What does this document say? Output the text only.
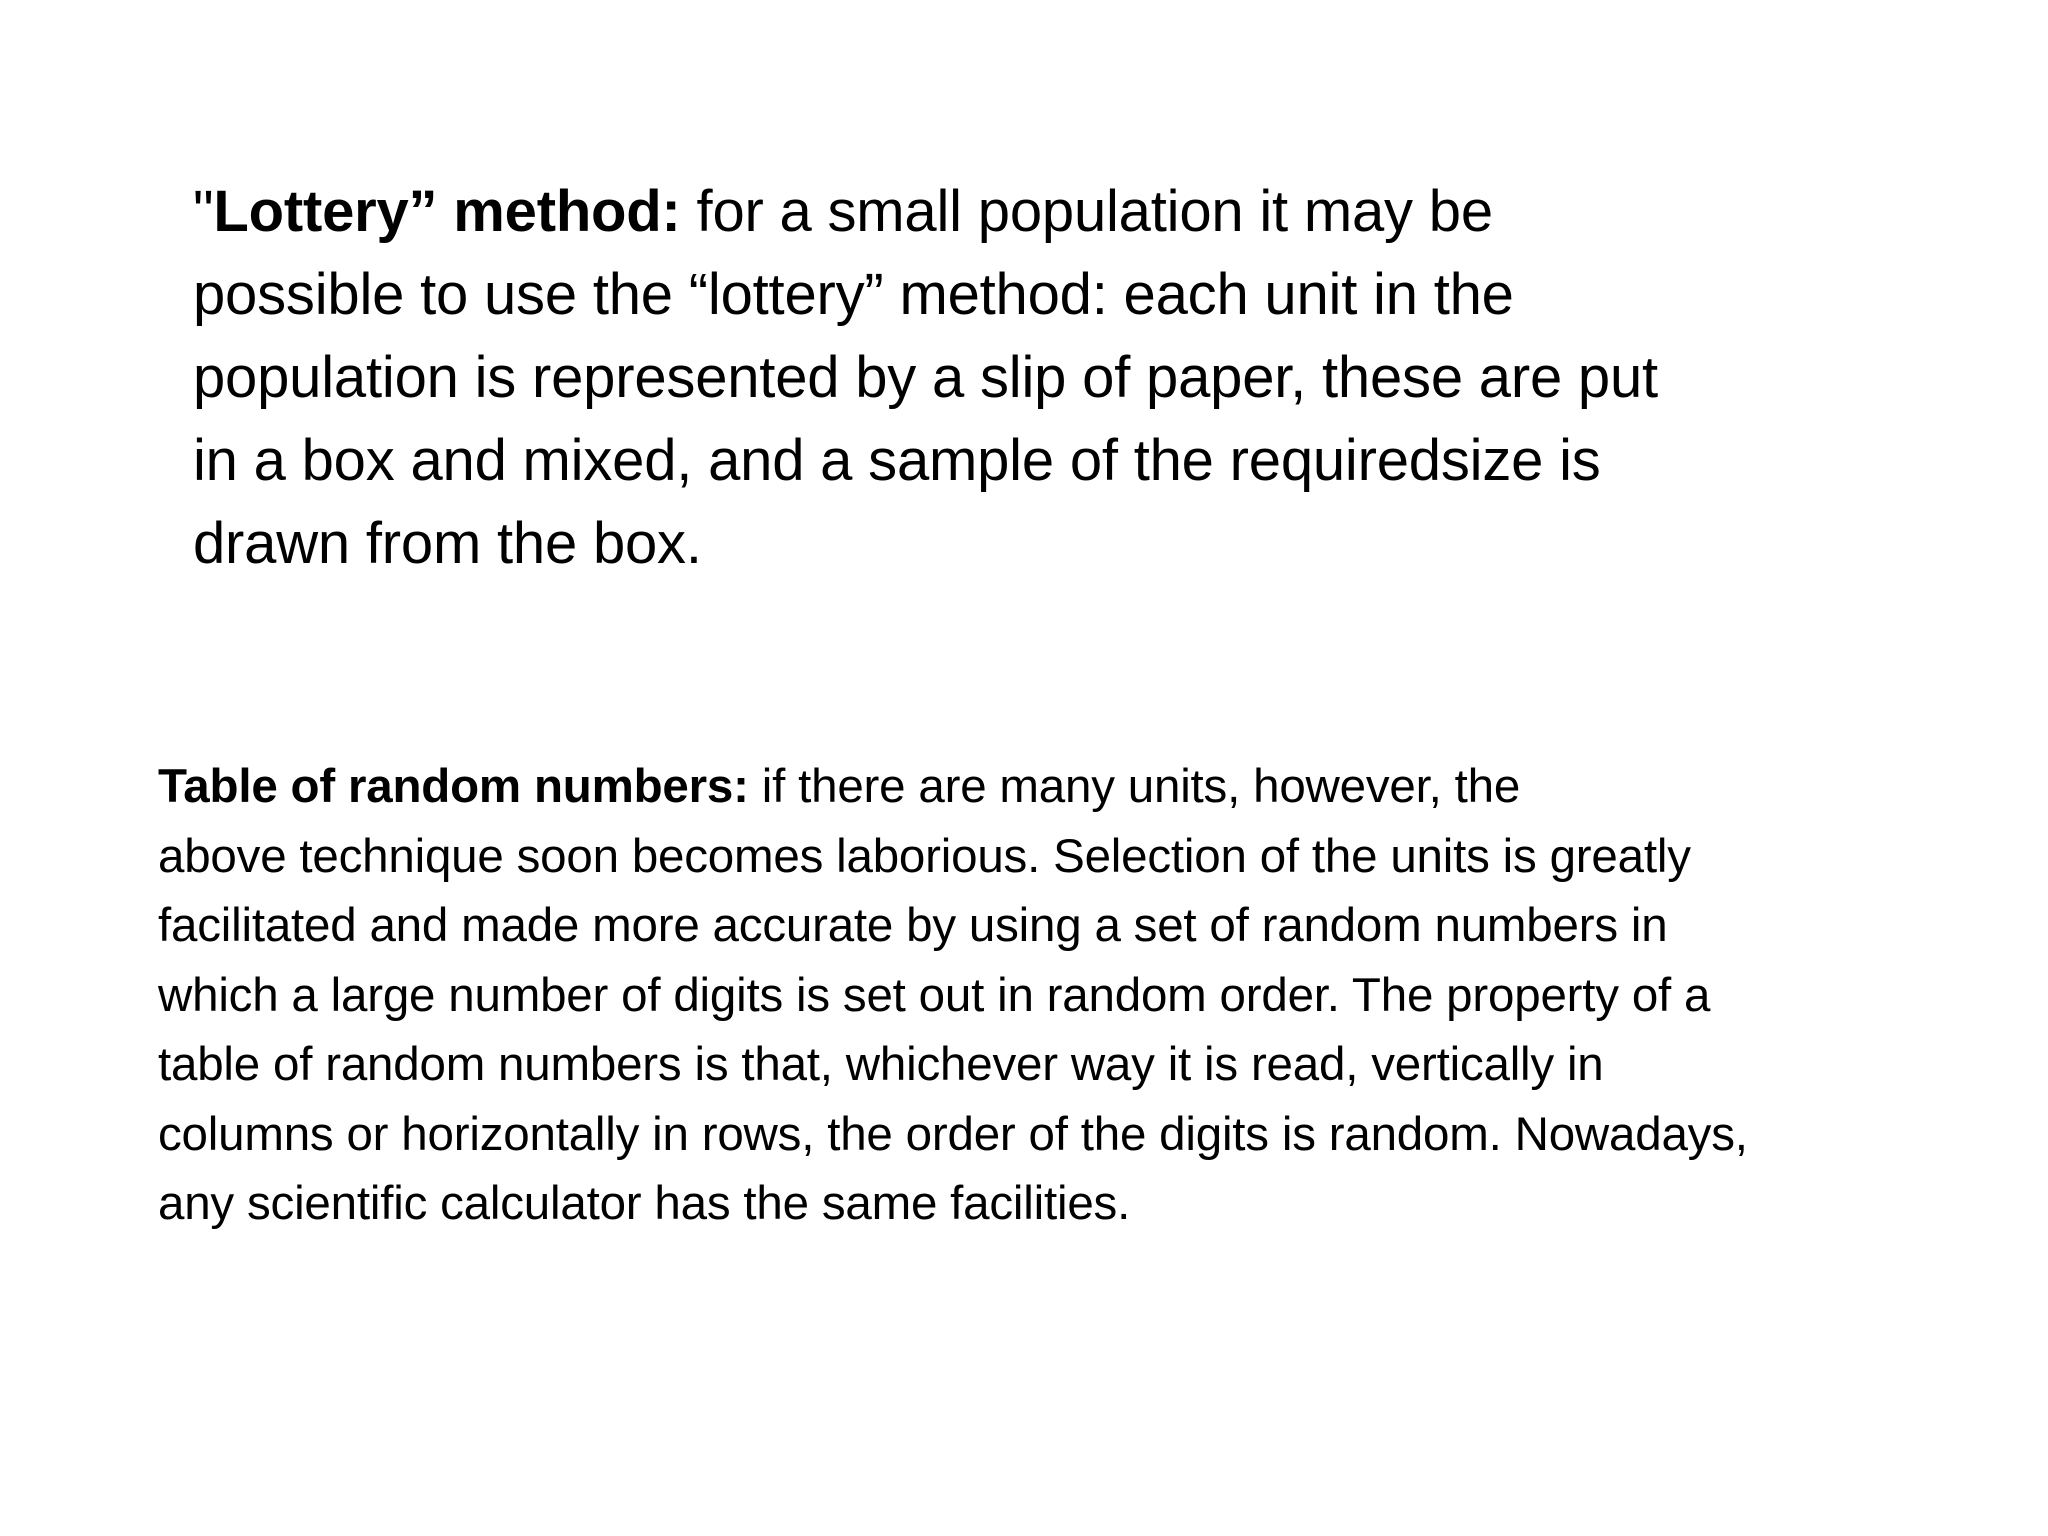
"Lottery” method: for a small population it may be
possible to use the “lottery” method: each unit in the
population is represented by a slip of paper, these are put
in a box and mixed, and a sample of the requiredsize is
drawn from the box.
Table of random numbers: if there are many units, however, the
above technique soon becomes laborious. Selection of the units is greatly
facilitated and made more accurate by using a set of random numbers in
which a large number of digits is set out in random order. The property of a
table of random numbers is that, whichever way it is read, vertically in
columns or horizontally in rows, the order of the digits is random. Nowadays,
any scientific calculator has the same facilities.
